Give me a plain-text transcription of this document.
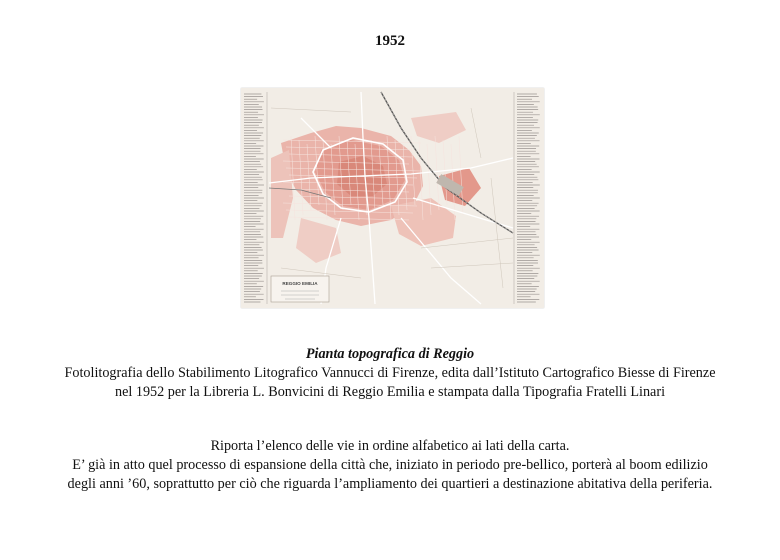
1952
REGGIO EMILIA
Pianta topografica di Reggio
Fotolitografia dello Stabilimento Litografico Vannucci di Firenze, edita dall’Istituto Cartografico Biesse di Firenze nel 1952 per la Libreria L. Bonvicini di Reggio Emilia e stampata dalla Tipografia Fratelli Linari

Riporta l’elenco delle vie in ordine alfabetico ai lati della carta.

E’ già in atto quel processo di espansione della città che, iniziato in periodo pre-bellico, porterà al boom edilizio degli anni ’60, soprattutto per ciò che riguarda l’ampliamento dei quartieri a destinazione abitativa della periferia.
